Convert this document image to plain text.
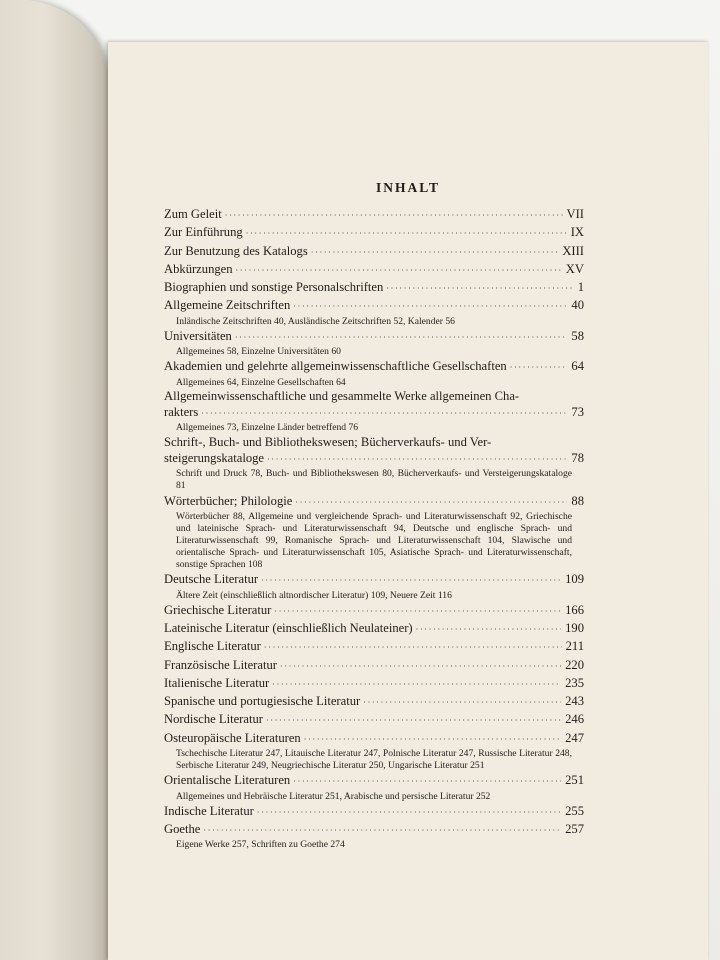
INHALT
Zum Geleit ·····	VII
Zur Einführung ·····	IX
Zur Benutzung des Katalogs ·····	XIII
Abkürzungen ·····	XV
Biographien und sonstige Personalschriften ·····	1
Allgemeine Zeitschriften ·····	40
Inländische Zeitschriften 40, Ausländische Zeitschriften 52, Kalender 56
Universitäten ·····	58
Allgemeines 58, Einzelne Universitäten 60
Akademien und gelehrte allgemeinwissenschaftliche Gesellschaften ·····	64
Allgemeines 64, Einzelne Gesellschaften 64
Allgemeinwissenschaftliche und gesammelte Werke allgemeinen Cha-
rakters ·····	73
Allgemeines 73, Einzelne Länder betreffend 76
Schrift-, Buch- und Bibliothekswesen; Bücherverkaufs- und Ver-
steigerungskataloge ·····	78
Schrift und Druck 78, Buch- und Bibliothekswesen 80, Bücherverkaufs- und Versteigerungskataloge 81
Wörterbücher; Philologie ·····	88
Wörterbücher 88, Allgemeine und vergleichende Sprach- und Literaturwissenschaft 92, Griechische und lateinische Sprach- und Literaturwissenschaft 94, Deutsche und englische Sprach- und Literaturwissenschaft 99, Romanische Sprach- und Literaturwissenschaft 104, Slawische und orientalische Sprach- und Literaturwissenschaft 105, Asiatische Sprach- und Literaturwissenschaft, sonstige Sprachen 108
Deutsche Literatur ·····	109
Ältere Zeit (einschließlich altnordischer Literatur) 109, Neuere Zeit 116
Griechische Literatur ·····	166
Lateinische Literatur (einschließlich Neulateiner) ·····	190
Englische Literatur ·····	211
Französische Literatur ·····	220
Italienische Literatur ·····	235
Spanische und portugiesische Literatur ·····	243
Nordische Literatur ·····	246
Osteuropäische Literaturen ·····	247
Tschechische Literatur 247, Litauische Literatur 247, Polnische Literatur 247, Russische Literatur 248, Serbische Literatur 249, Neugriechische Literatur 250, Ungarische Literatur 251
Orientalische Literaturen ·····	251
Allgemeines und Hebräische Literatur 251, Arabische und persische Literatur 252
Indische Literatur ·····	255
Goethe ·····	257
Eigene Werke 257, Schriften zu Goethe 274
